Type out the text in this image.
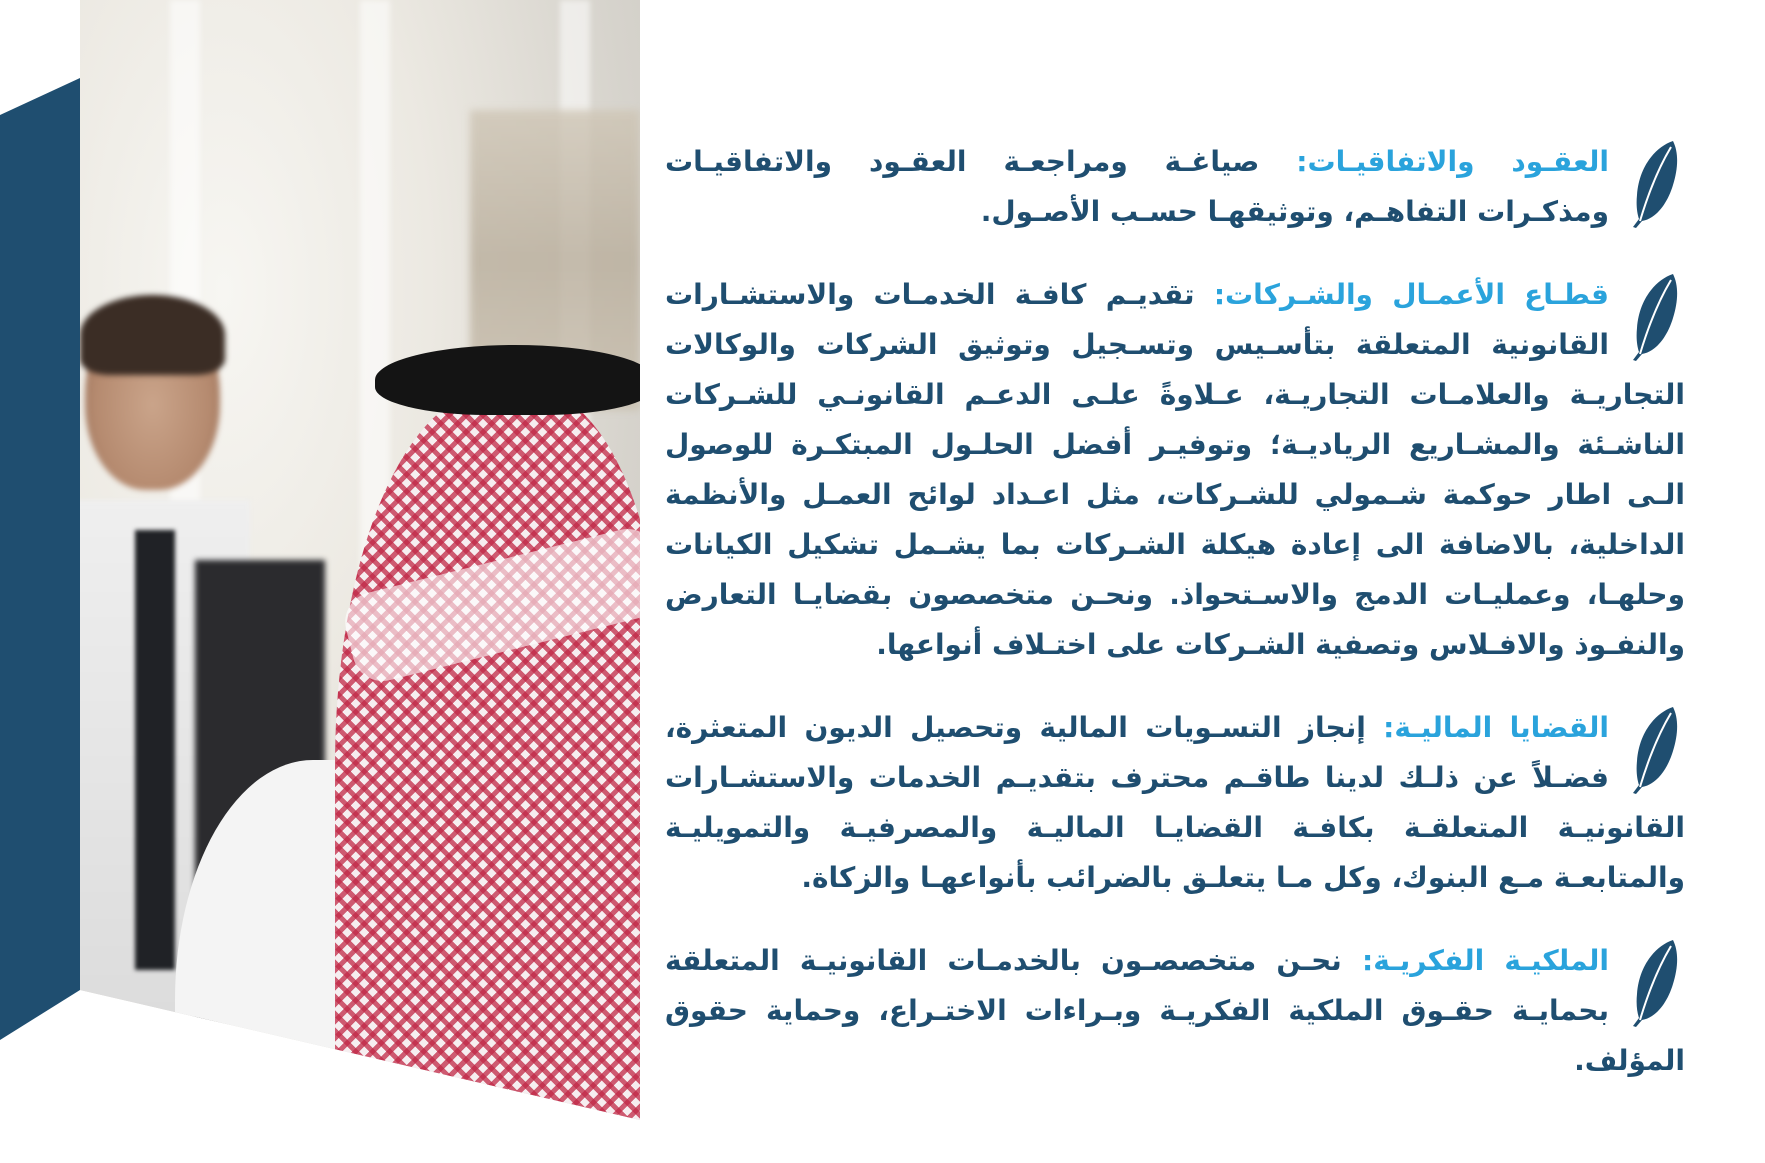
العقـود والاتفاقيـات: صياغـة ومراجعـة العقـود والاتفاقيـات ومذكـرات التفاهـم، وتوثيقهـا حسـب الأصـول.

قطـاع الأعمـال والشـركات: تقديـم كافـة الخدمـات والاستشـارات القانونية المتعلقة بتأسـيس وتسـجيل وتوثيق الشركات والوكالات التجاريـة والعلامـات التجاريـة، عـلاوةً علـى الدعـم القانونـي للشـركات الناشـئة والمشـاريع الرياديـة؛ وتوفيـر أفضل الحلـول المبتكـرة للوصول الـى اطار حوكمة شـمولي للشـركات، مثل اعـداد لوائح العمـل والأنظمة الداخلية، بالاضافة الى إعادة هيكلة الشـركات بما يشـمل تشكيل الكيانات وحلهـا، وعمليـات الدمج والاسـتحواذ. ونحـن متخصصون بقضايـا التعارض والنفـوذ والافـلاس وتصفية الشـركات على اختـلاف أنواعها.

القضايا الماليـة: إنجاز التسـويات المالية وتحصيل الديون المتعثرة، فضـلاً عن ذلـك لدينا طاقـم محترف بتقديـم الخدمات والاستشـارات القانونيـة المتعلقـة بكافـة القضايـا الماليـة والمصرفيـة والتمويليـة والمتابعـة مـع البنوك، وكل مـا يتعلـق بالضرائب بأنواعهـا والزكاة.

الملكيـة الفكريـة: نحـن متخصصـون بالخدمـات القانونيـة المتعلقة بحمايـة حقـوق الملكية الفكريـة وبـراءات الاختـراع، وحماية حقوق المؤلف.
